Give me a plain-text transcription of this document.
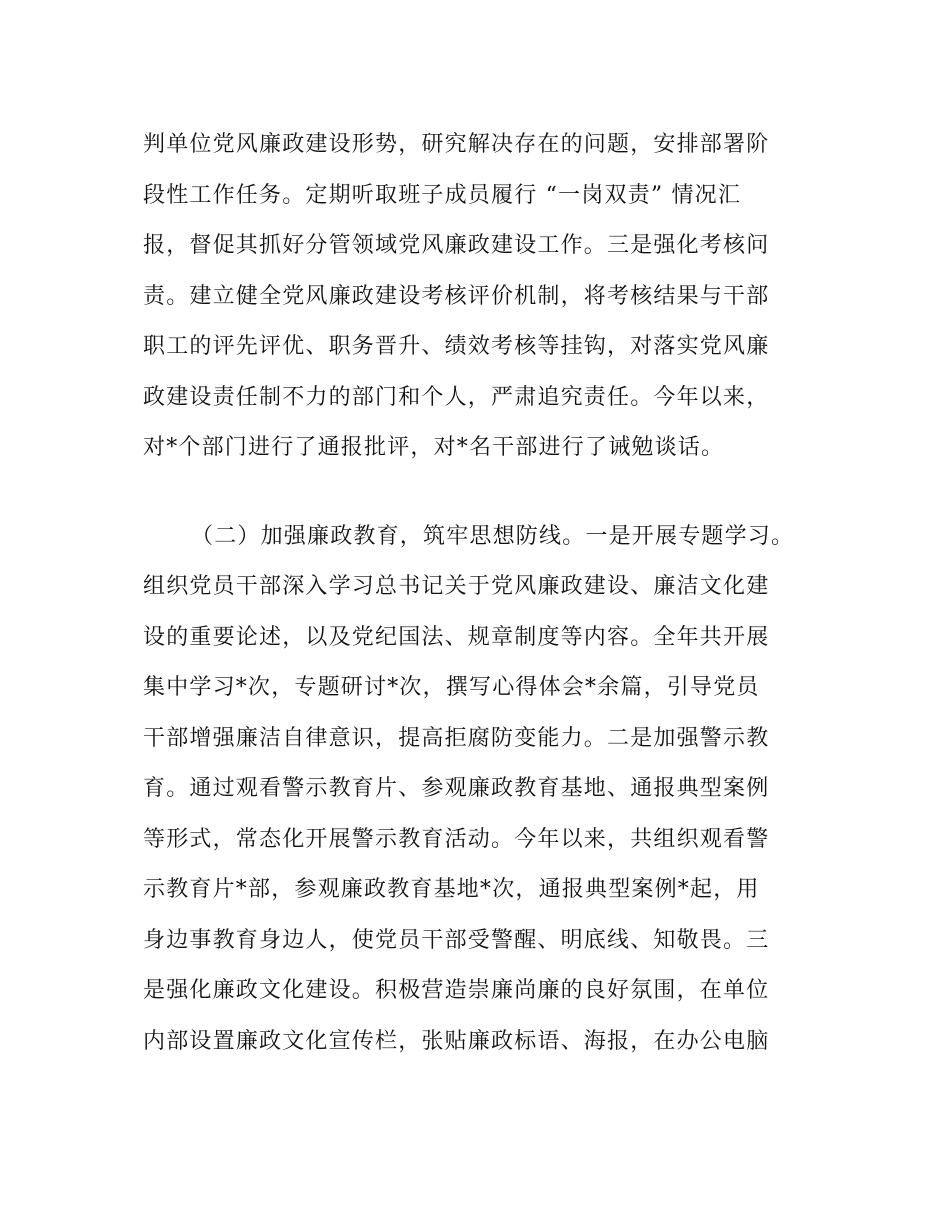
判单位党风廉政建设形势，研究解决存在的问题，安排部署阶
段性工作任务。定期听取班子成员履行 “一岗双责” 情况汇
报，督促其抓好分管领域党风廉政建设工作。三是强化考核问
责。建立健全党风廉政建设考核评价机制，将考核结果与干部
职工的评先评优、职务晋升、绩效考核等挂钩，对落实党风廉
政建设责任制不力的部门和个人，严肃追究责任。今年以来，
对*个部门进行了通报批评，对*名干部进行了诫勉谈话。
（二）加强廉政教育，筑牢思想防线。一是开展专题学习。
组织党员干部深入学习总书记关于党风廉政建设、廉洁文化建
设的重要论述，以及党纪国法、规章制度等内容。全年共开展
集中学习*次，专题研讨*次，撰写心得体会*余篇，引导党员
干部增强廉洁自律意识，提高拒腐防变能力。二是加强警示教
育。通过观看警示教育片、参观廉政教育基地、通报典型案例
等形式，常态化开展警示教育活动。今年以来，共组织观看警
示教育片*部，参观廉政教育基地*次，通报典型案例*起，用
身边事教育身边人，使党员干部受警醒、明底线、知敬畏。三
是强化廉政文化建设。积极营造崇廉尚廉的良好氛围，在单位
内部设置廉政文化宣传栏，张贴廉政标语、海报，在办公电脑
